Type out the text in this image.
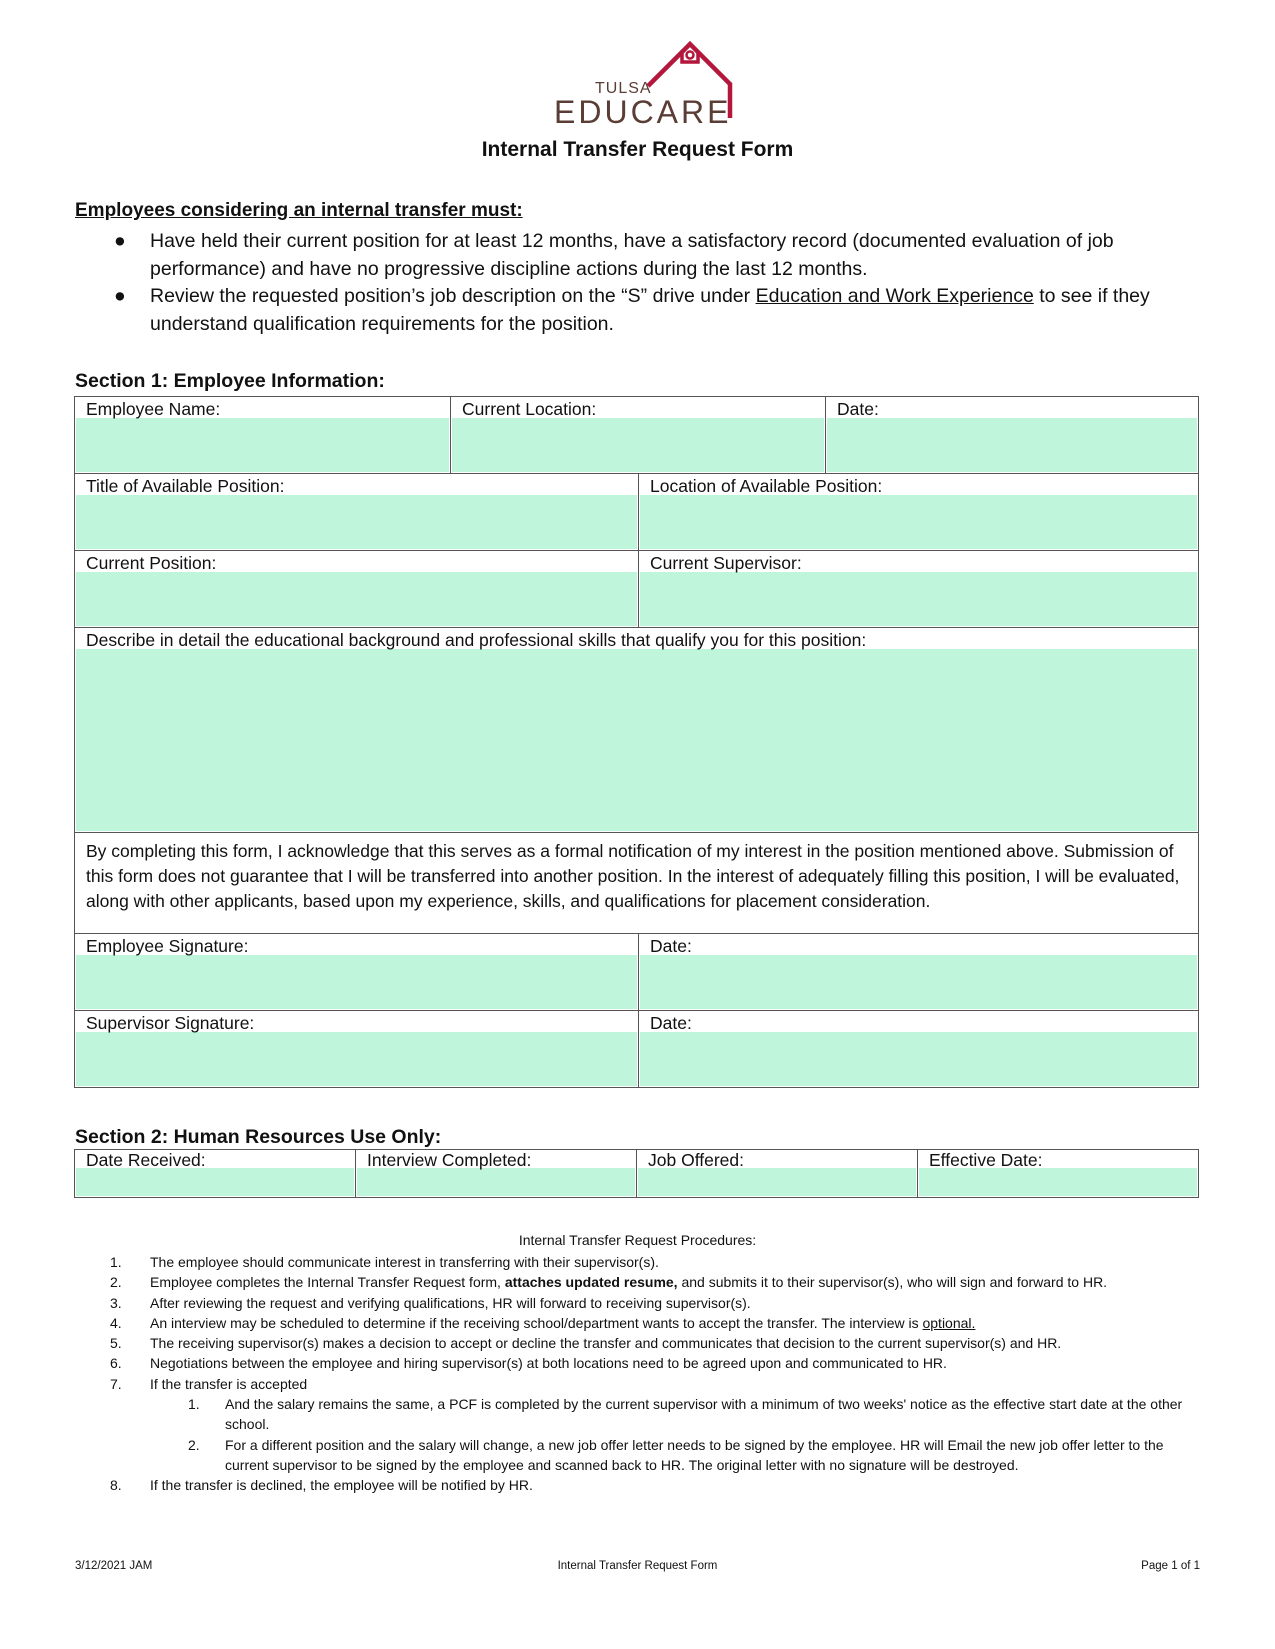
TULSA
EDUCARE
Internal Transfer Request Form
Employees considering an internal transfer must:
● Have held their current position for at least 12 months, have a satisfactory record (documented evaluation of job performance) and have no progressive discipline actions during the last 12 months.
● Review the requested position’s job description on the “S” drive under Education and Work Experience to see if they understand qualification requirements for the position.
Section 1: Employee Information:
Employee Name:	Current Location:	Date:
Title of Available Position:	Location of Available Position:
Current Position:	Current Supervisor:
Describe in detail the educational background and professional skills that qualify you for this position:
By completing this form, I acknowledge that this serves as a formal notification of my interest in the position mentioned above. Submission of this form does not guarantee that I will be transferred into another position. In the interest of adequately filling this position, I will be evaluated, along with other applicants, based upon my experience, skills, and qualifications for placement consideration.
Employee Signature:	Date:
Supervisor Signature:	Date:
Section 2: Human Resources Use Only:
Date Received:	Interview Completed:	Job Offered:	Effective Date:
Internal Transfer Request Procedures:
1. The employee should communicate interest in transferring with their supervisor(s).
2. Employee completes the Internal Transfer Request form, attaches updated resume, and submits it to their supervisor(s), who will sign and forward to HR.
3. After reviewing the request and verifying qualifications, HR will forward to receiving supervisor(s).
4. An interview may be scheduled to determine if the receiving school/department wants to accept the transfer. The interview is optional.
5. The receiving supervisor(s) makes a decision to accept or decline the transfer and communicates that decision to the current supervisor(s) and HR.
6. Negotiations between the employee and hiring supervisor(s) at both locations need to be agreed upon and communicated to HR.
7. If the transfer is accepted
1. And the salary remains the same, a PCF is completed by the current supervisor with a minimum of two weeks' notice as the effective start date at the other school.
2. For a different position and the salary will change, a new job offer letter needs to be signed by the employee. HR will Email the new job offer letter to the current supervisor to be signed by the employee and scanned back to HR. The original letter with no signature will be destroyed.
8. If the transfer is declined, the employee will be notified by HR.
3/12/2021 JAM	Internal Transfer Request Form	Page 1 of 1
